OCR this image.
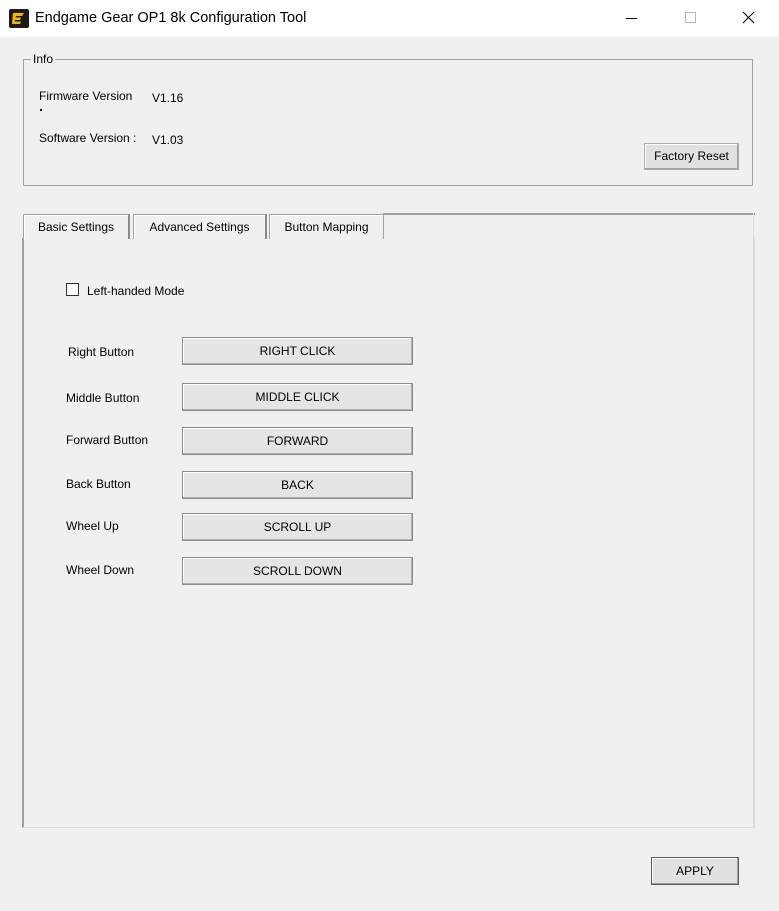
Endgame Gear OP1 8k Configuration Tool
Info
Firmware Version V1.16
Software Version : V1.03
Factory Reset
Basic Settings	Advanced Settings	Button Mapping
Left-handed Mode
Right Button	RIGHT CLICK
Middle Button	MIDDLE CLICK
Forward Button	FORWARD
Back Button	BACK
Wheel Up	SCROLL UP
Wheel Down	SCROLL DOWN
APPLY
